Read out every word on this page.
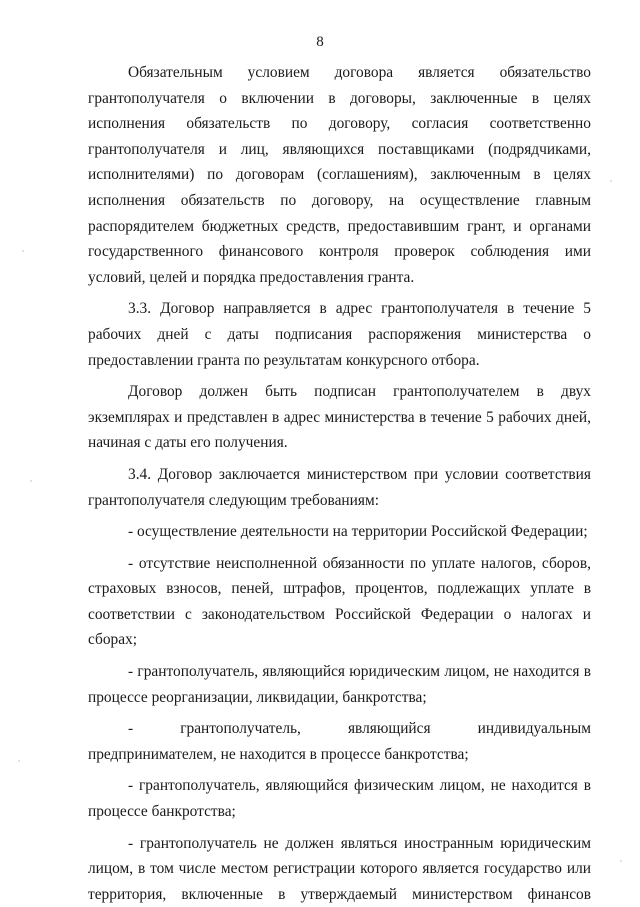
8

Обязательным условием договора является обязательство грантополучателя о включении в договоры, заключенные в целях исполнения обязательств по договору, согласия соответственно грантополучателя и лиц, являющихся поставщиками (подрядчиками, исполнителями) по договорам (соглашениям), заключенным в целях исполнения обязательств по договору, на осуществление главным распорядителем бюджетных средств, предоставившим грант, и органами государственного финансового контроля проверок соблюдения ими условий, целей и порядка предоставления гранта.

3.3. Договор направляется в адрес грантополучателя в течение 5 рабочих дней с даты подписания распоряжения министерства о предоставлении гранта по результатам конкурсного отбора.

Договор должен быть подписан грантополучателем в двух экземплярах и представлен в адрес министерства в течение 5 рабочих дней, начиная с даты его получения.

3.4. Договор заключается министерством при условии соответствия грантополучателя следующим требованиям:

- осуществление деятельности на территории Российской Федерации;

- отсутствие неисполненной обязанности по уплате налогов, сборов, страховых взносов, пеней, штрафов, процентов, подлежащих уплате в соответствии с законодательством Российской Федерации о налогах и сборах;

- грантополучатель, являющийся юридическим лицом, не находится в процессе реорганизации, ликвидации, банкротства;

- грантополучатель, являющийся индивидуальным предпринимателем, не находится в процессе банкротства;

- грантополучатель, являющийся физическим лицом, не находится в процессе банкротства;

- грантополучатель не должен являться иностранным юридическим лицом, в том числе местом регистрации которого является государство или территория, включенные в утверждаемый министерством финансов
